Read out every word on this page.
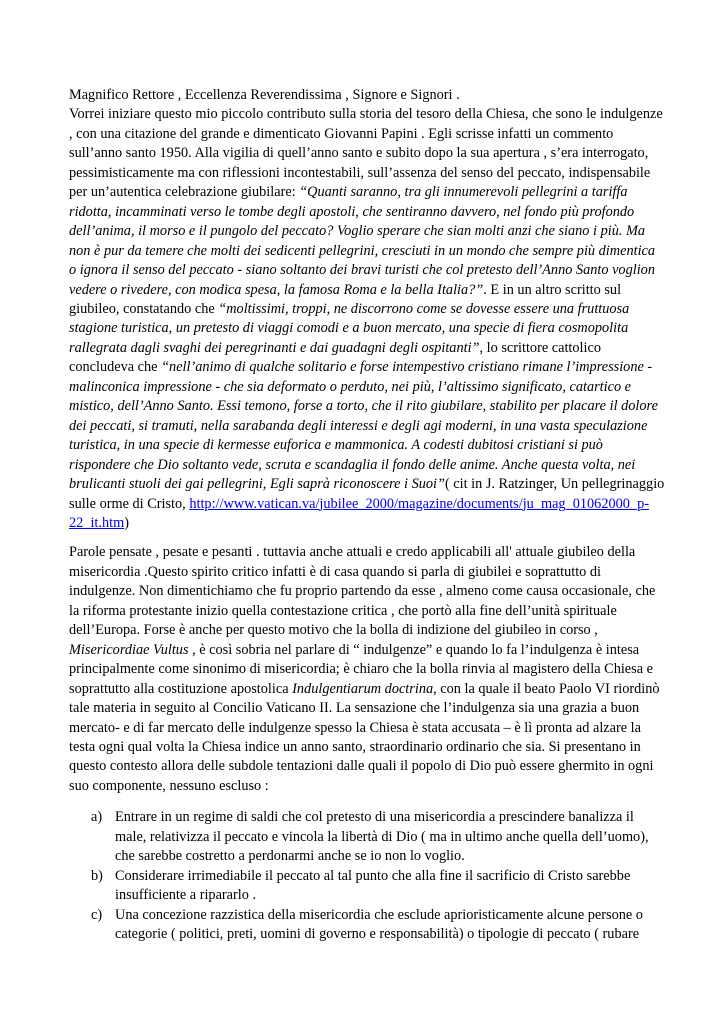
Magnifico Rettore , Eccellenza Reverendissima , Signore e Signori .
Vorrei iniziare questo mio piccolo contributo sulla storia del tesoro della Chiesa, che sono le indulgenze , con una citazione del grande e dimenticato Giovanni Papini . Egli scrisse infatti un commento sull’anno santo 1950. Alla vigilia di quell’anno santo e subito dopo la sua apertura , s’era interrogato, pessimisticamente ma con riflessioni incontestabili, sull’assenza del senso del peccato, indispensabile per un’autentica celebrazione giubilare: “Quanti saranno, tra gli innumerevoli pellegrini a tariffa ridotta, incamminati verso le tombe degli apostoli, che sentiranno davvero, nel fondo più profondo dell’anima, il morso e il pungolo del peccato? Voglio sperare che sian molti anzi che siano i più. Ma non è pur da temere che molti dei sedicenti pellegrini, cresciuti in un mondo che sempre più dimentica o ignora il senso del peccato - siano soltanto dei bravi turisti che col pretesto dell’Anno Santo voglion vedere o rivedere, con modica spesa, la famosa Roma e la bella Italia?”. E in un altro scritto sul giubileo, constatando che “moltissimi, troppi, ne discorrono come se dovesse essere una fruttuosa stagione turistica, un pretesto di viaggi comodi e a buon mercato, una specie di fiera cosmopolita rallegrata dagli svaghi dei peregrinanti e dai guadagni degli ospitanti”, lo scrittore cattolico concludeva che “nell’animo di qualche solitario e forse intempestivo cristiano rimane l’impressione - malinconica impressione - che sia deformato o perduto, nei più, l’altissimo significato, catartico e mistico, dell’Anno Santo. Essi temono, forse a torto, che il rito giubilare, stabilito per placare il dolore dei peccati, si tramuti, nella sarabanda degli interessi e degli agi moderni, in una vasta speculazione turistica, in una specie di kermesse euforica e mammonica. A codesti dubitosi cristiani si può rispondere che Dio soltanto vede, scruta e scandaglia il fondo delle anime. Anche questa volta, nei brulicanti stuoli dei gai pellegrini, Egli saprà riconoscere i Suoi”( cit in J. Ratzinger, Un pellegrinaggio sulle orme di Cristo, http://www.vatican.va/jubilee_2000/magazine/documents/ju_mag_01062000_p-22_it.htm)

Parole pensate , pesate e pesanti . tuttavia anche attuali e credo applicabili all' attuale giubileo della misericordia .Questo spirito critico infatti è di casa quando si parla di giubilei e soprattutto di indulgenze. Non dimentichiamo che fu proprio partendo da esse , almeno come causa occasionale, che la riforma protestante inizio quella contestazione critica , che portò alla fine dell’unità spirituale dell’Europa. Forse è anche per questo motivo che la bolla di indizione del giubileo in corso , Misericordiae Vultus , è così sobria nel parlare di “ indulgenze” e quando lo fa l’indulgenza è intesa principalmente come sinonimo di misericordia; è chiaro che la bolla rinvia al magistero della Chiesa e soprattutto alla costituzione apostolica Indulgentiarum doctrina, con la quale il beato Paolo VI riordinò tale materia in seguito al Concilio Vaticano II. La sensazione che l’indulgenza sia una grazia a buon mercato- e di far mercato delle indulgenze spesso la Chiesa è stata accusata – è lì pronta ad alzare la testa ogni qual volta la Chiesa indice un anno santo, straordinario ordinario che sia. Si presentano in questo contesto allora delle subdole tentazioni dalle quali il popolo di Dio può essere ghermito in ogni suo componente, nessuno escluso :

a) Entrare in un regime di saldi che col pretesto di una misericordia a prescindere banalizza il male, relativizza il peccato e vincola la libertà di Dio ( ma in ultimo anche quella dell’uomo), che sarebbe costretto a perdonarmi anche se io non lo voglio.
b) Considerare irrimediabile il peccato al tal punto che alla fine il sacrificio di Cristo sarebbe insufficiente a ripararlo .
c) Una concezione razzistica della misericordia che esclude aprioristicamente alcune persone o categorie ( politici, preti, uomini di governo e responsabilità) o tipologie di peccato ( rubare
